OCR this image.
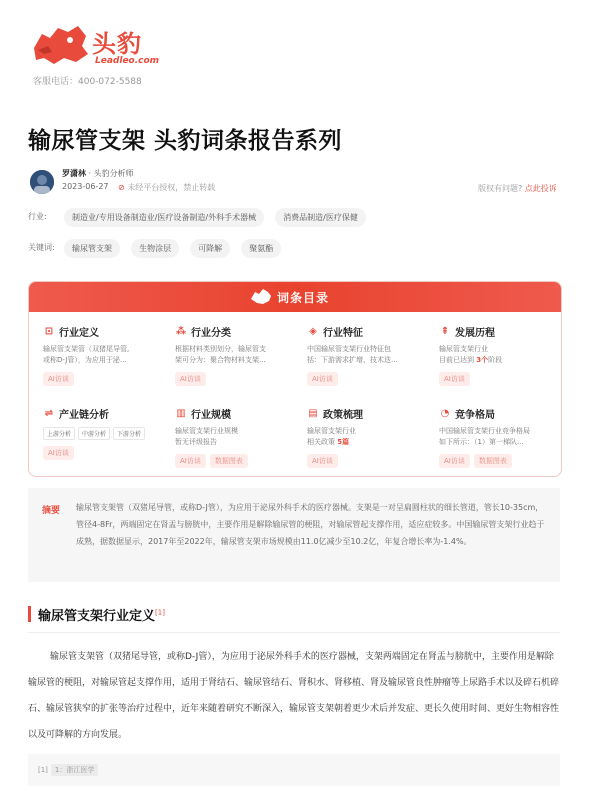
头豹
Leadleo.com
客服电话：400-072-5588
输尿管支架 头豹词条报告系列
罗潇林 · 头豹分析师
2023-06-27 ⊘ 未经平台授权，禁止转载	版权有问题? 点此投诉
行业:	制造业/专用设备制造业/医疗设备制造/外科手术器械	消费品制造/医疗保健
关键词:	输尿管支架	生物涂层	可降解	聚氨酯
词条目录
⊡ 行业定义
输尿管支架管（双猪尾导管,
或称D-J管），为应用于泌...
AI访谈
⁂ 行业分类
根据材料类别划分，输尿管支
架可分为：聚合物材料支架...
AI访谈
◈ 行业特征
中国输尿管支架行业特征包
括：下游需求扩增、技术迭...
AI访谈
⇞ 发展历程
输尿管支架行业
目前已达到 3个阶段
AI访谈
⇌ 产业链分析
上游分析 中游分析 下游分析
AI访谈
▥ 行业规模
输尿管支架行业规模
暂无评级报告
AI访谈 数据图表
▤ 政策梳理
输尿管支架行业
相关政策 5篇
AI访谈
◔ 竞争格局
中国输尿管支架行业竞争格局
如下所示：（1）第一梯队...
AI访谈 数据图表
摘要 输尿管支架管（双猪尾导管，或称D-J管），为应用于泌尿外科手术的医疗器械。支架是一对呈扁圆柱状的细长管道，管长10-35cm，管径4-8Fr，两端固定在肾盂与膀胱中，主要作用是解除输尿管的梗阻，对输尿管起支撑作用，适应症较多。中国输尿管支架行业趋于成熟，据数据显示，2017年至2022年，输尿管支架市场规模由11.0亿减少至10.2亿，年复合增长率为-1.4%。
输尿管支架行业定义[1]
输尿管支架管（双猪尾导管，或称D-J管），为应用于泌尿外科手术的医疗器械，支架两端固定在肾盂与膀胱中，主要作用是解除输尿管的梗阻，对输尿管起支撑作用，适用于肾结石、输尿管结石、肾积水、肾移植、肾及输尿管良性肿瘤等上尿路手术以及碎石机碎石、输尿管狭窄的扩张等治疗过程中，近年来随着研究不断深入，输尿管支架朝着更少术后并发症、更长久使用时间、更好生物相容性以及可降解的方向发展。
[1] 1：浙江医学
